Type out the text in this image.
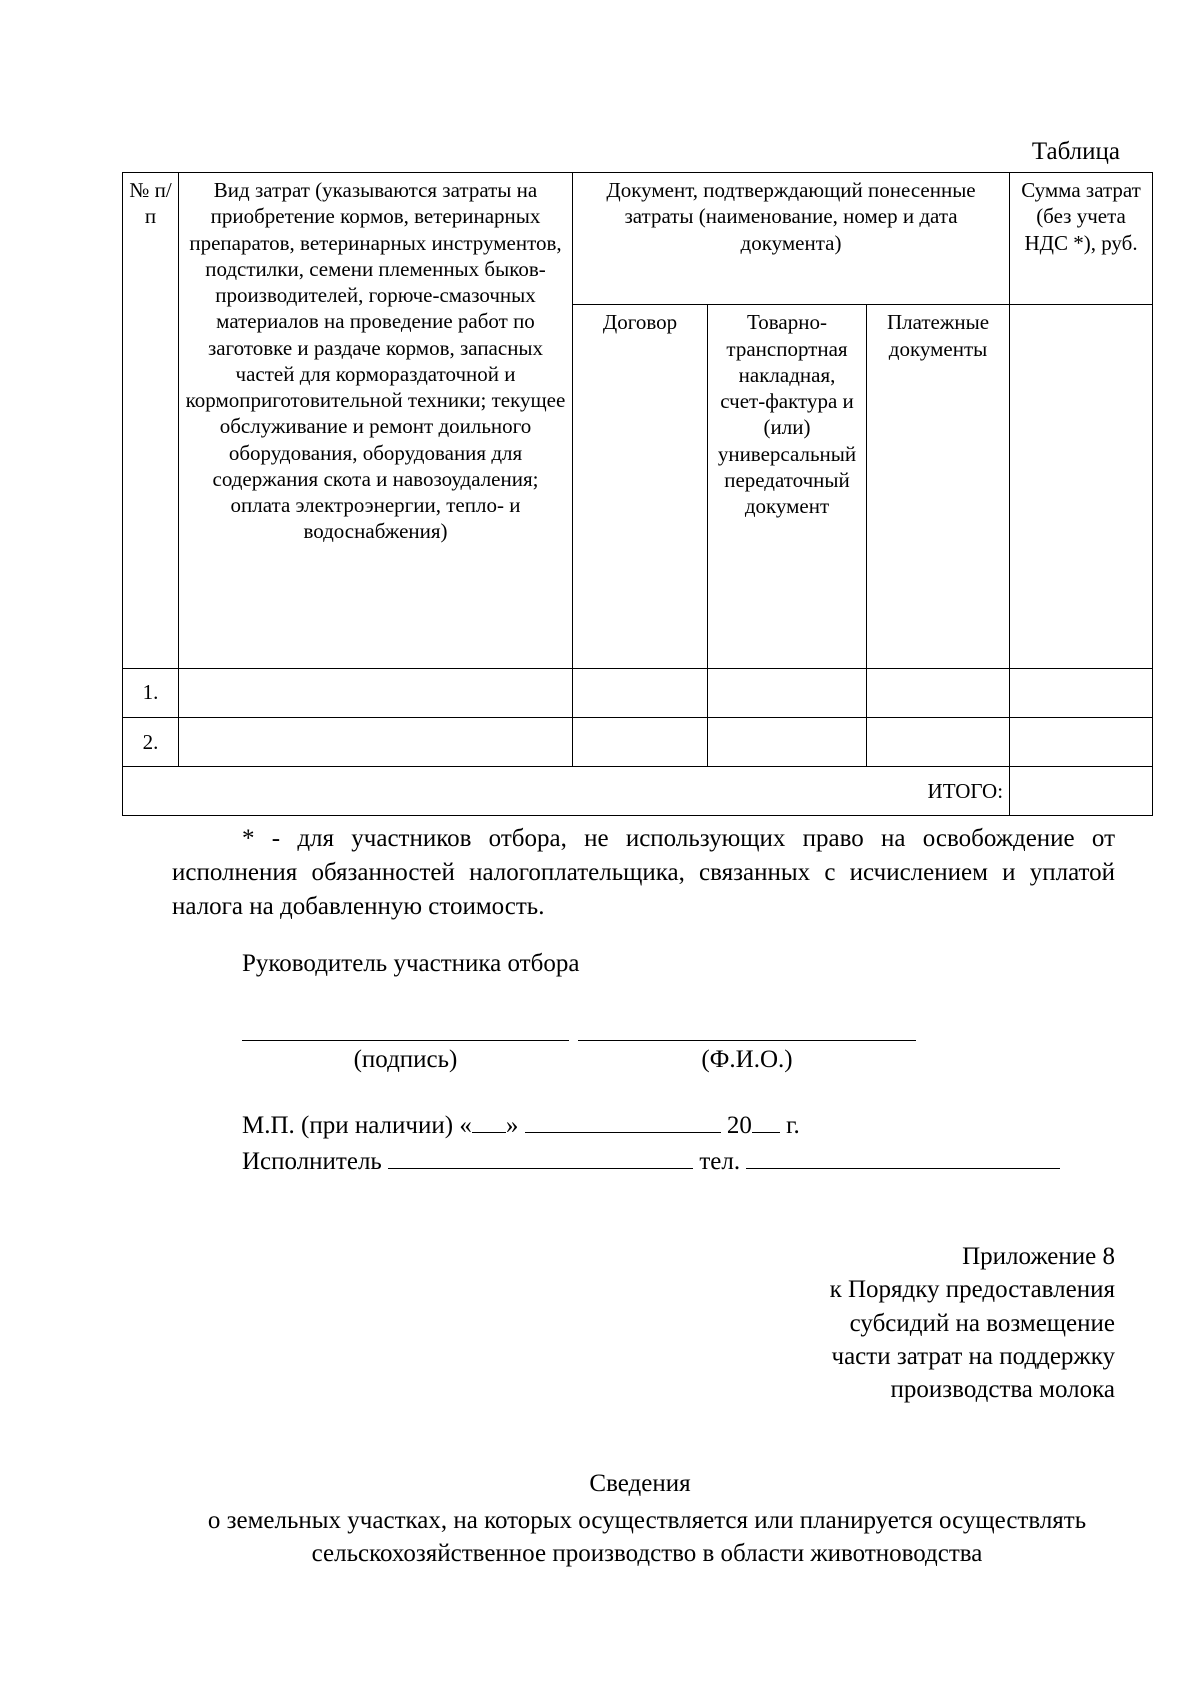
Таблица
№ п/п	Вид затрат (указываются затраты на приобретение кормов, ветеринарных препаратов, ветеринарных инструментов, подстилки, семени племенных быков-производителей, горюче-смазочных материалов на проведение работ по заготовке и раздаче кормов, запасных частей для кормораздаточной и кормоприготовительной техники; текущее обслуживание и ремонт доильного оборудования, оборудования для содержания скота и навозоудаления; оплата электроэнергии, тепло- и водоснабжения)	Документ, подтверждающий понесенные затраты (наименование, номер и дата документа)			Сумма затрат (без учета НДС *), руб.
		Договор	Товарно-транспортная накладная, счет-фактура и (или) универсальный передаточный документ	Платежные документы	
1.					
2.					
ИТОГО:					
* - для участников отбора, не использующих право на освобождение от исполнения обязанностей налогоплательщика, связанных с исчислением и уплатой налога на добавленную стоимость.
Руководитель участника отбора
(подпись)	(Ф.И.О.)
М.П. (при наличии) « »	20 г.
Исполнитель	тел.
Приложение 8
к Порядку предоставления
субсидий на возмещение
части затрат на поддержку
производства молока
Сведения
о земельных участках, на которых осуществляется или планируется осуществлять сельскохозяйственное производство в области животноводства
